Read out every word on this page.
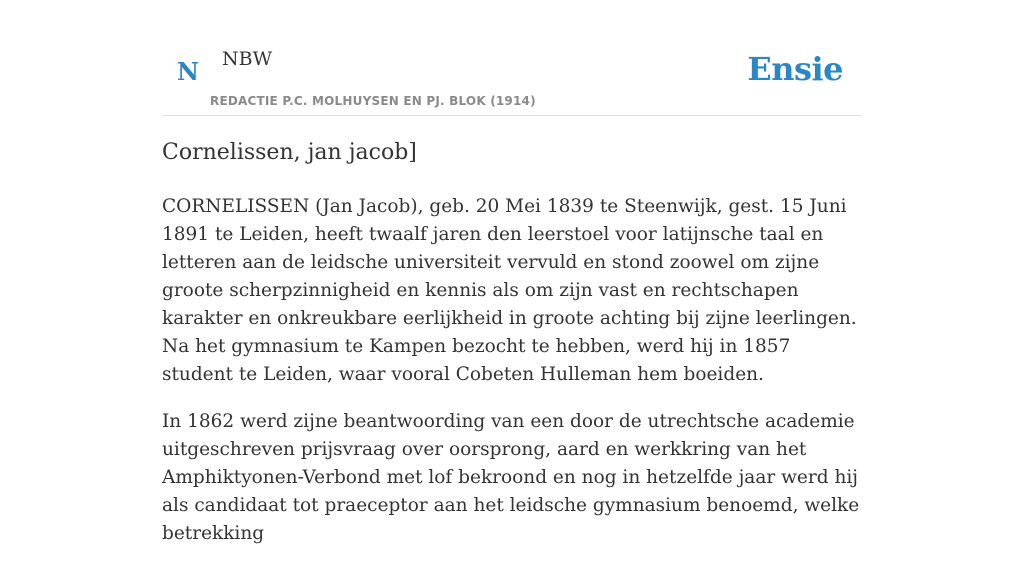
N NBW
REDACTIE P.C. MOLHUYSEN EN PJ. BLOK (1914)
Ensie
Cornelissen, jan jacob]

CORNELISSEN (Jan Jacob), geb. 20 Mei 1839 te Steenwijk, gest. 15 Juni 1891 te Leiden, heeft twaalf jaren den leerstoel voor latijnsche taal en letteren aan de leidsche universiteit vervuld en stond zoowel om zijne groote scherpzinnigheid en kennis als om zijn vast en rechtschapen karakter en onkreukbare eerlijkheid in groote achting bij zijne leerlingen. Na het gymnasium te Kampen bezocht te hebben, werd hij in 1857 student te Leiden, waar vooral Cobeten Hulleman hem boeiden.

In 1862 werd zijne beantwoording van een door de utrechtsche academie uitgeschreven prijsvraag over oorsprong, aard en werkkring van het Amphiktyonen-Verbond met lof bekroond en nog in hetzelfde jaar werd hij als candidaat tot praeceptor aan het leidsche gymnasium benoemd, welke betrekking
